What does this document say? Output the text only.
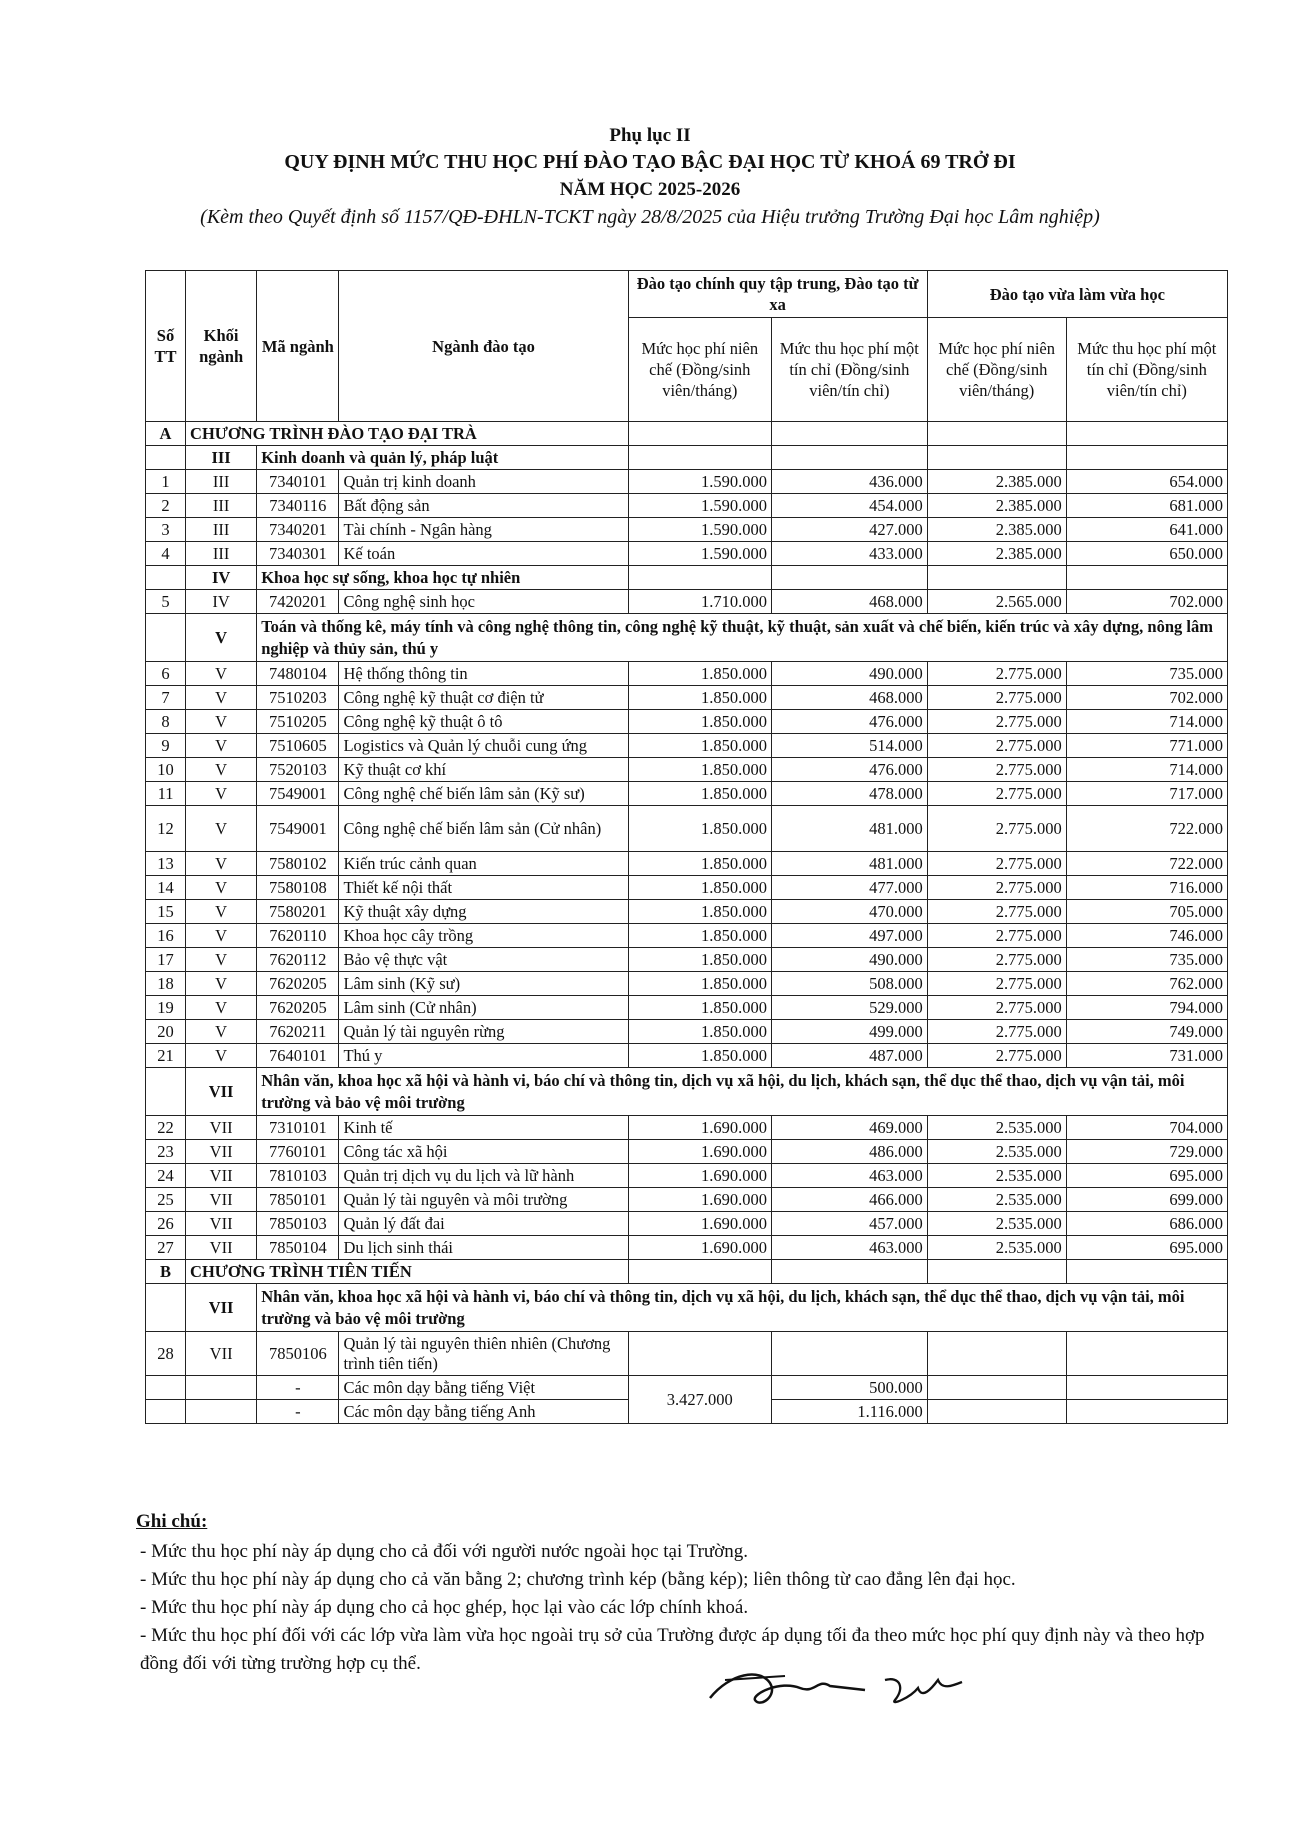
Phụ lục II
QUY ĐỊNH MỨC THU HỌC PHÍ ĐÀO TẠO BẬC ĐẠI HỌC TỪ KHOÁ 69 TRỞ ĐI
NĂM HỌC 2025-2026
(Kèm theo Quyết định số 1157/QĐ-ĐHLN-TCKT ngày 28/8/2025 của Hiệu trưởng Trường Đại học Lâm nghiệp)
Số TT	Khối ngành	Mã ngành	Ngành đào tạo	Đào tạo chính quy tập trung, Đào tạo từ xa		Đào tạo vừa làm vừa học	
				Mức học phí niên chế (Đồng/sinh viên/tháng)	Mức thu học phí một tín chỉ (Đồng/sinh viên/tín chỉ)	Mức học phí niên chế (Đồng/sinh viên/tháng)	Mức thu học phí một tín chỉ (Đồng/sinh viên/tín chỉ)
A	CHƯƠNG TRÌNH ĐÀO TẠO ĐẠI TRÀ						
	III	Kinh doanh và quản lý, pháp luật					
1	III	7340101	Quản trị kinh doanh	1.590.000	436.000	2.385.000	654.000
2	III	7340116	Bất động sản	1.590.000	454.000	2.385.000	681.000
3	III	7340201	Tài chính - Ngân hàng	1.590.000	427.000	2.385.000	641.000
4	III	7340301	Kế toán	1.590.000	433.000	2.385.000	650.000
	IV	Khoa học sự sống, khoa học tự nhiên					
5	IV	7420201	Công nghệ sinh học	1.710.000	468.000	2.565.000	702.000
	V	Toán và thống kê, máy tính và công nghệ thông tin, công nghệ kỹ thuật, kỹ thuật, sản xuất và chế biến, kiến trúc và xây dựng, nông lâm nghiệp và thủy sản, thú y					
6	V	7480104	Hệ thống thông tin	1.850.000	490.000	2.775.000	735.000
7	V	7510203	Công nghệ kỹ thuật cơ điện tử	1.850.000	468.000	2.775.000	702.000
8	V	7510205	Công nghệ kỹ thuật ô tô	1.850.000	476.000	2.775.000	714.000
9	V	7510605	Logistics và Quản lý chuỗi cung ứng	1.850.000	514.000	2.775.000	771.000
10	V	7520103	Kỹ thuật cơ khí	1.850.000	476.000	2.775.000	714.000
11	V	7549001	Công nghệ chế biến lâm sản (Kỹ sư)	1.850.000	478.000	2.775.000	717.000
12	V	7549001	Công nghệ chế biến lâm sản (Cử nhân)	1.850.000	481.000	2.775.000	722.000
13	V	7580102	Kiến trúc cảnh quan	1.850.000	481.000	2.775.000	722.000
14	V	7580108	Thiết kế nội thất	1.850.000	477.000	2.775.000	716.000
15	V	7580201	Kỹ thuật xây dựng	1.850.000	470.000	2.775.000	705.000
16	V	7620110	Khoa học cây trồng	1.850.000	497.000	2.775.000	746.000
17	V	7620112	Bảo vệ thực vật	1.850.000	490.000	2.775.000	735.000
18	V	7620205	Lâm sinh (Kỹ sư)	1.850.000	508.000	2.775.000	762.000
19	V	7620205	Lâm sinh (Cử nhân)	1.850.000	529.000	2.775.000	794.000
20	V	7620211	Quản lý tài nguyên rừng	1.850.000	499.000	2.775.000	749.000
21	V	7640101	Thú y	1.850.000	487.000	2.775.000	731.000
	VII	Nhân văn, khoa học xã hội và hành vi, báo chí và thông tin, dịch vụ xã hội, du lịch, khách sạn, thể dục thể thao, dịch vụ vận tải, môi trường và bảo vệ môi trường					
22	VII	7310101	Kinh tế	1.690.000	469.000	2.535.000	704.000
23	VII	7760101	Công tác xã hội	1.690.000	486.000	2.535.000	729.000
24	VII	7810103	Quản trị dịch vụ du lịch và lữ hành	1.690.000	463.000	2.535.000	695.000
25	VII	7850101	Quản lý tài nguyên và môi trường	1.690.000	466.000	2.535.000	699.000
26	VII	7850103	Quản lý đất đai	1.690.000	457.000	2.535.000	686.000
27	VII	7850104	Du lịch sinh thái	1.690.000	463.000	2.535.000	695.000
B	CHƯƠNG TRÌNH TIÊN TIẾN						
	VII	Nhân văn, khoa học xã hội và hành vi, báo chí và thông tin, dịch vụ xã hội, du lịch, khách sạn, thể dục thể thao, dịch vụ vận tải, môi trường và bảo vệ môi trường					
28	VII	7850106	Quản lý tài nguyên thiên nhiên (Chương trình tiên tiến)				
		-	Các môn dạy bằng tiếng Việt	3.427.000	500.000		
		-	Các môn dạy bằng tiếng Anh		1.116.000		
Ghi chú:
- Mức thu học phí này áp dụng cho cả đối với người nước ngoài học tại Trường.
- Mức thu học phí này áp dụng cho cả văn bằng 2; chương trình kép (bằng kép); liên thông từ cao đẳng lên đại học.
- Mức thu học phí này áp dụng cho cả học ghép, học lại vào các lớp chính khoá.
- Mức thu học phí đối với các lớp vừa làm vừa học ngoài trụ sở của Trường được áp dụng tối đa theo mức học phí quy định này và theo hợp đồng đối với từng trường hợp cụ thể.
